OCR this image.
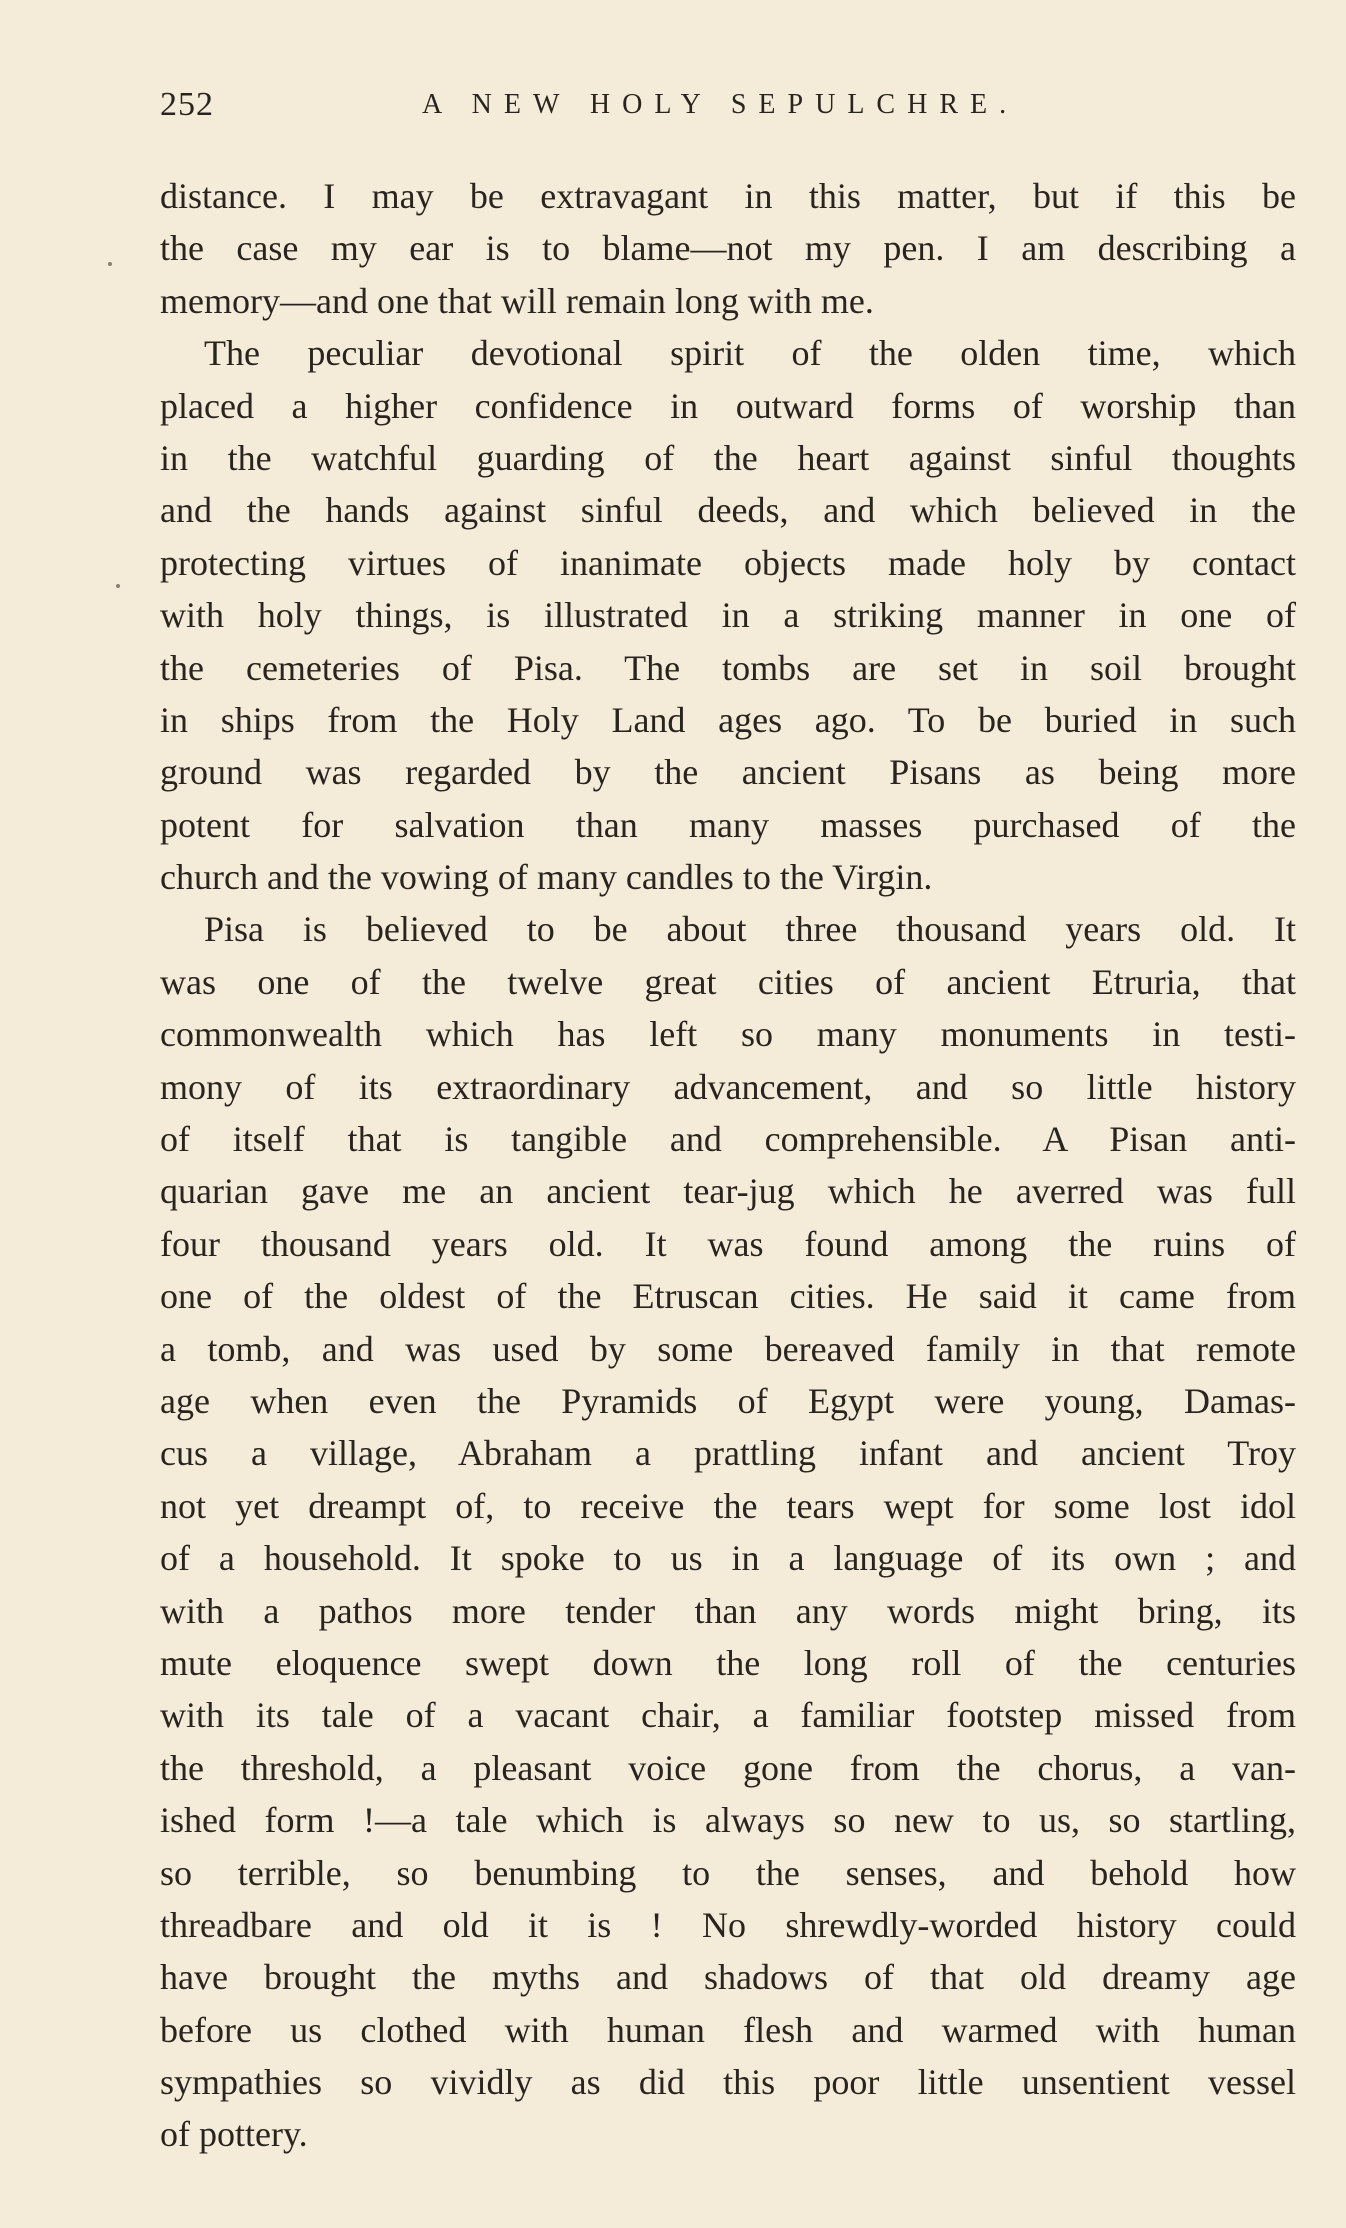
252	A NEW HOLY SEPULCHRE.
distance. I may be extravagant in this matter, but if this be
the case my ear is to blame—not my pen. I am describing a
memory—and one that will remain long with me.
The peculiar devotional spirit of the olden time, which
placed a higher confidence in outward forms of worship than
in the watchful guarding of the heart against sinful thoughts
and the hands against sinful deeds, and which believed in the
protecting virtues of inanimate objects made holy by contact
with holy things, is illustrated in a striking manner in one of
the cemeteries of Pisa. The tombs are set in soil brought
in ships from the Holy Land ages ago. To be buried in such
ground was regarded by the ancient Pisans as being more
potent for salvation than many masses purchased of the
church and the vowing of many candles to the Virgin.
Pisa is believed to be about three thousand years old. It
was one of the twelve great cities of ancient Etruria, that
commonwealth which has left so many monuments in testi-
mony of its extraordinary advancement, and so little history
of itself that is tangible and comprehensible. A Pisan anti-
quarian gave me an ancient tear-jug which he averred was full
four thousand years old. It was found among the ruins of
one of the oldest of the Etruscan cities. He said it came from
a tomb, and was used by some bereaved family in that remote
age when even the Pyramids of Egypt were young, Damas-
cus a village, Abraham a prattling infant and ancient Troy
not yet dreampt of, to receive the tears wept for some lost idol
of a household. It spoke to us in a language of its own ; and
with a pathos more tender than any words might bring, its
mute eloquence swept down the long roll of the centuries
with its tale of a vacant chair, a familiar footstep missed from
the threshold, a pleasant voice gone from the chorus, a van-
ished form !—a tale which is always so new to us, so startling,
so terrible, so benumbing to the senses, and behold how
threadbare and old it is ! No shrewdly-worded history could
have brought the myths and shadows of that old dreamy age
before us clothed with human flesh and warmed with human
sympathies so vividly as did this poor little unsentient vessel
of pottery.
